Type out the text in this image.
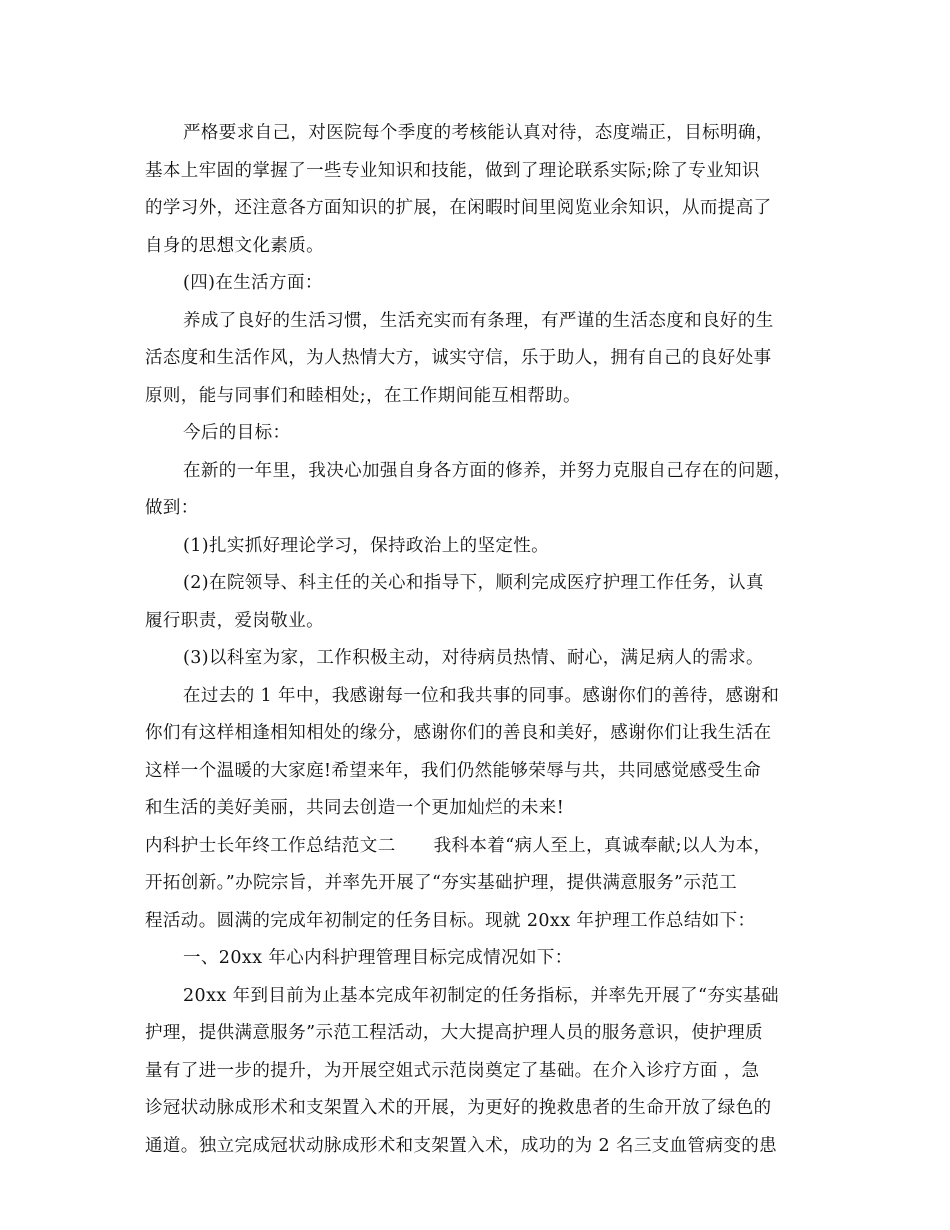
严格要求自己，对医院每个季度的考核能认真对待，态度端正，目标明确，
基本上牢固的掌握了一些专业知识和技能，做到了理论联系实际;除了专业知识
的学习外，还注意各方面知识的扩展，在闲暇时间里阅览业余知识，从而提高了
自身的思想文化素质。
(四)在生活方面：
养成了良好的生活习惯，生活充实而有条理，有严谨的生活态度和良好的生
活态度和生活作风，为人热情大方，诚实守信，乐于助人，拥有自己的良好处事
原则，能与同事们和睦相处;，在工作期间能互相帮助。
今后的目标：
在新的一年里，我决心加强自身各方面的修养，并努力克服自己存在的问题，
做到：
(1)扎实抓好理论学习，保持政治上的坚定性。
(2)在院领导、科主任的关心和指导下，顺利完成医疗护理工作任务，认真
履行职责，爱岗敬业。
(3)以科室为家，工作积极主动，对待病员热情、耐心，满足病人的需求。
在过去的 1 年中，我感谢每一位和我共事的同事。感谢你们的善待，感谢和
你们有这样相逢相知相处的缘分，感谢你们的善良和美好，感谢你们让我生活在
这样一个温暖的大家庭!希望来年，我们仍然能够荣辱与共，共同感觉感受生命
和生活的美好美丽，共同去创造一个更加灿烂的未来!
内科护士长年终工作总结范文二 我科本着“病人至上，真诚奉献;以人为本，
开拓创新。”办院宗旨，并率先开展了“夯实基础护理，提供满意服务”示范工
程活动。圆满的完成年初制定的任务目标。现就 20xx 年护理工作总结如下：
一、20xx 年心内科护理管理目标完成情况如下：
20xx 年到目前为止基本完成年初制定的任务指标，并率先开展了“夯实基础
护理，提供满意服务”示范工程活动，大大提高护理人员的服务意识，使护理质
量有了进一步的提升，为开展空姐式示范岗奠定了基础。在介入诊疗方面 ，急
诊冠状动脉成形术和支架置入术的开展，为更好的挽救患者的生命开放了绿色的
通道。独立完成冠状动脉成形术和支架置入术，成功的为 2 名三支血管病变的患
